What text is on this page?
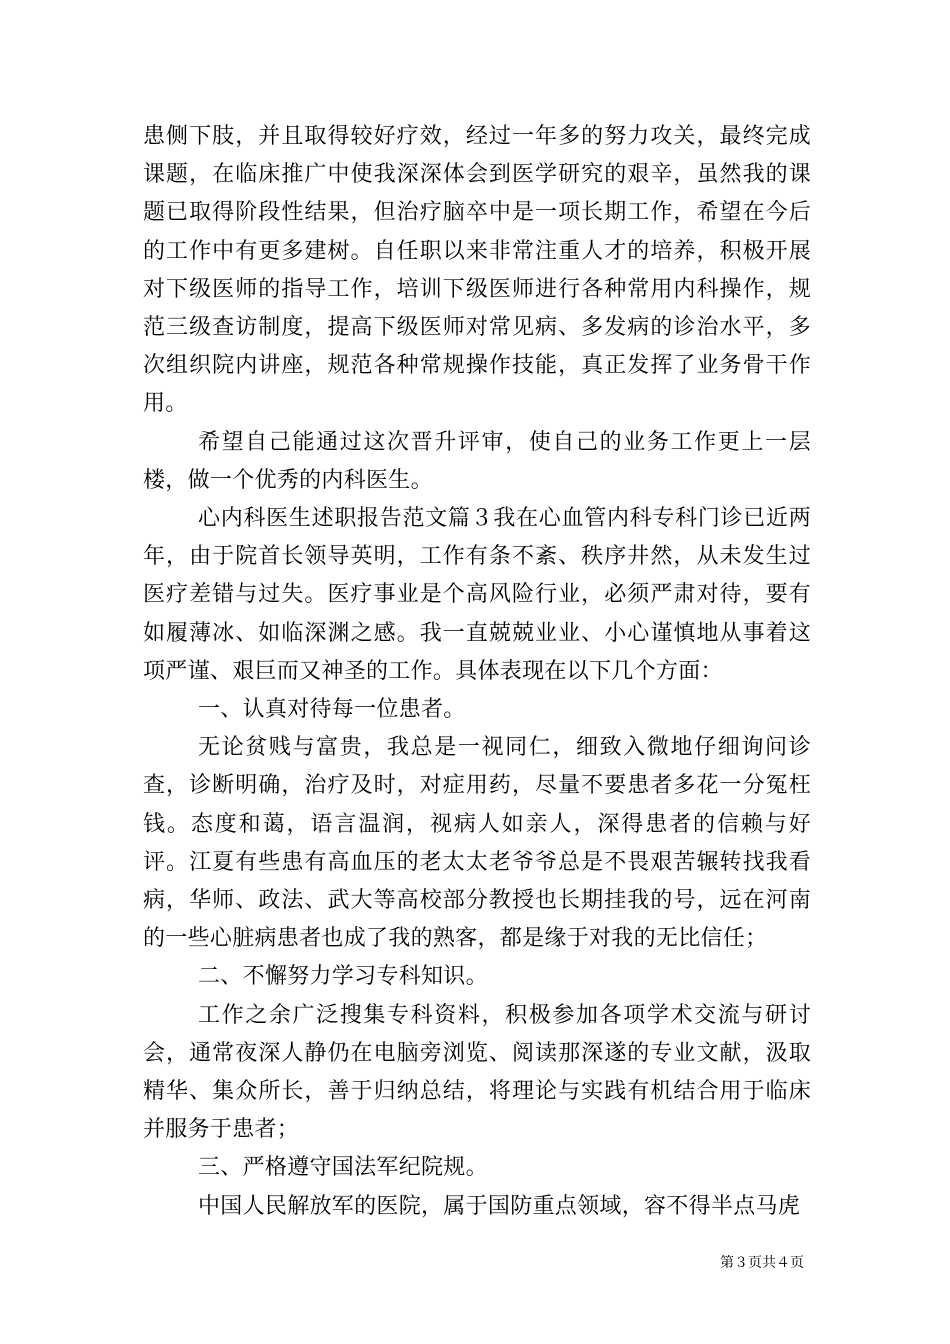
患侧下肢，并且取得较好疗效，经过一年多的努力攻关，最终完成课题，在临床推广中使我深深体会到医学研究的艰辛，虽然我的课题已取得阶段性结果，但治疗脑卒中是一项长期工作，希望在今后的工作中有更多建树。自任职以来非常注重人才的培养，积极开展对下级医师的指导工作，培训下级医师进行各种常用内科操作，规范三级查访制度，提高下级医师对常见病、多发病的诊治水平，多次组织院内讲座，规范各种常规操作技能，真正发挥了业务骨干作用。

希望自己能通过这次晋升评审，使自己的业务工作更上一层楼，做一个优秀的内科医生。

心内科医生述职报告范文篇３我在心血管内科专科门诊已近两年，由于院首长领导英明，工作有条不紊、秩序井然，从未发生过医疗差错与过失。医疗事业是个高风险行业，必须严肃对待，要有如履薄冰、如临深渊之感。我一直兢兢业业、小心谨慎地从事着这项严谨、艰巨而又神圣的工作。具体表现在以下几个方面：

一、认真对待每一位患者。

无论贫贱与富贵，我总是一视同仁，细致入微地仔细询问诊查，诊断明确，治疗及时，对症用药，尽量不要患者多花一分冤枉钱。态度和蔼，语言温润，视病人如亲人，深得患者的信赖与好评。江夏有些患有高血压的老太太老爷爷总是不畏艰苦辗转找我看病，华师、政法、武大等高校部分教授也长期挂我的号，远在河南的一些心脏病患者也成了我的熟客，都是缘于对我的无比信任；

二、不懈努力学习专科知识。

工作之余广泛搜集专科资料，积极参加各项学术交流与研讨会，通常夜深人静仍在电脑旁浏览、阅读那深遂的专业文献，汲取精华、集众所长，善于归纳总结，将理论与实践有机结合用于临床并服务于患者；

三、严格遵守国法军纪院规。

中国人民解放军的医院，属于国防重点领域，容不得半点马虎

第３页共４页
